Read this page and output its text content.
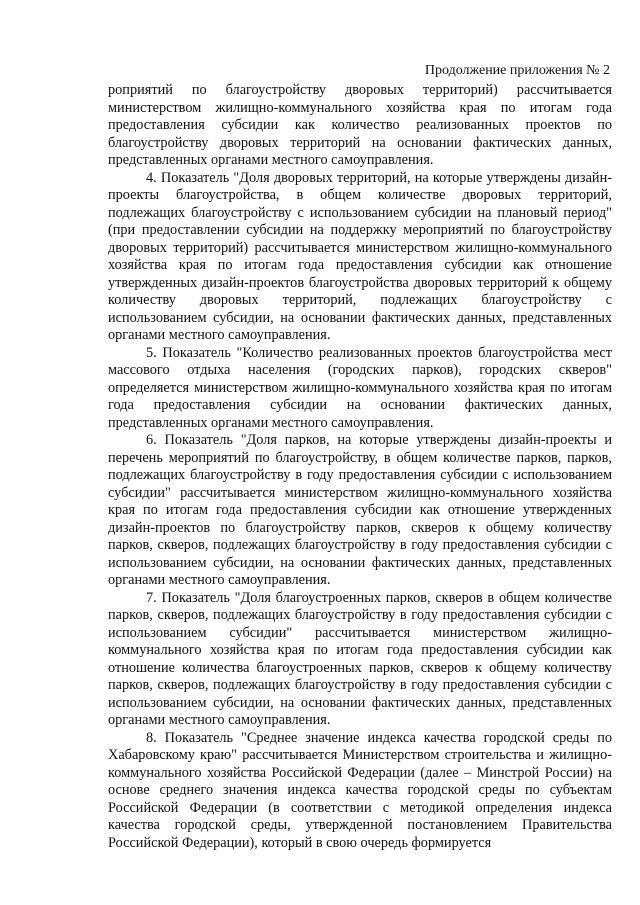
Продолжение приложения № 2

роприятий по благоустройству дворовых территорий) рассчитывается министерством жилищно-коммунального хозяйства края по итогам года предоставления субсидии как количество реализованных проектов по благоустройству дворовых территорий на основании фактических данных, представленных органами местного самоуправления.

4. Показатель "Доля дворовых территорий, на которые утверждены дизайн-проекты благоустройства, в общем количестве дворовых территорий, подлежащих благоустройству с использованием субсидии на плановый период" (при предоставлении субсидии на поддержку мероприятий по благоустройству дворовых территорий) рассчитывается министерством жилищно-коммунального хозяйства края по итогам года предоставления субсидии как отношение утвержденных дизайн-проектов благоустройства дворовых территорий к общему количеству дворовых территорий, подлежащих благоустройству с использованием субсидии, на основании фактических данных, представленных органами местного самоуправления.

5. Показатель "Количество реализованных проектов благоустройства мест массового отдыха населения (городских парков), городских скверов" определяется министерством жилищно-коммунального хозяйства края по итогам года предоставления субсидии на основании фактических данных, представленных органами местного самоуправления.

6. Показатель "Доля парков, на которые утверждены дизайн-проекты и перечень мероприятий по благоустройству, в общем количестве парков, парков, подлежащих благоустройству в году предоставления субсидии с использованием субсидии" рассчитывается министерством жилищно-коммунального хозяйства края по итогам года предоставления субсидии как отношение утвержденных дизайн-проектов по благоустройству парков, скверов к общему количеству парков, скверов, подлежащих благоустройству в году предоставления субсидии с использованием субсидии, на основании фактических данных, представленных органами местного самоуправления.

7. Показатель "Доля благоустроенных парков, скверов в общем количестве парков, скверов, подлежащих благоустройству в году предоставления субсидии с использованием субсидии" рассчитывается министерством жилищно-коммунального хозяйства края по итогам года предоставления субсидии как отношение количества благоустроенных парков, скверов к общему количеству парков, скверов, подлежащих благоустройству в году предоставления субсидии с использованием субсидии, на основании фактических данных, представленных органами местного самоуправления.

8. Показатель "Среднее значение индекса качества городской среды по Хабаровскому краю" рассчитывается Министерством строительства и жилищно-коммунального хозяйства Российской Федерации (далее – Минстрой России) на основе среднего значения индекса качества городской среды по субъектам Российской Федерации (в соответствии с методикой определения индекса качества городской среды, утвержденной постановлением Правительства Российской Федерации), который в свою очередь формируется
